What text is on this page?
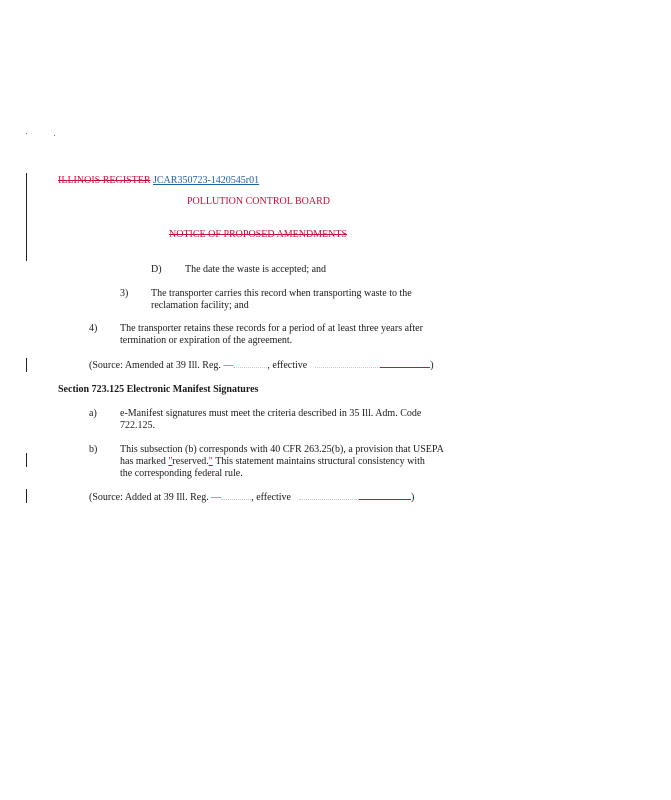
ILLINOIS REGISTER JCAR350723-1420545r01
POLLUTION CONTROL BOARD
NOTICE OF PROPOSED AMENDMENTS
D) The date the waste is accepted; and
3) The transporter carries this record when transporting waste to the
reclamation facility; and
4) The transporter retains these records for a period of at least three years after
termination or expiration of the agreement.
(Source: Amended at 39 Ill. Reg. —	, effective	)
Section 723.125 Electronic Manifest Signatures
a) e-Manifest signatures must meet the criteria described in 35 Ill. Adm. Code
722.125.
b) This subsection (b) corresponds with 40 CFR 263.25(b), a provision that USEPA
has marked "reserved." This statement maintains structural consistency with
the corresponding federal rule.
(Source: Added at 39 Ill. Reg. —	, effective	)
